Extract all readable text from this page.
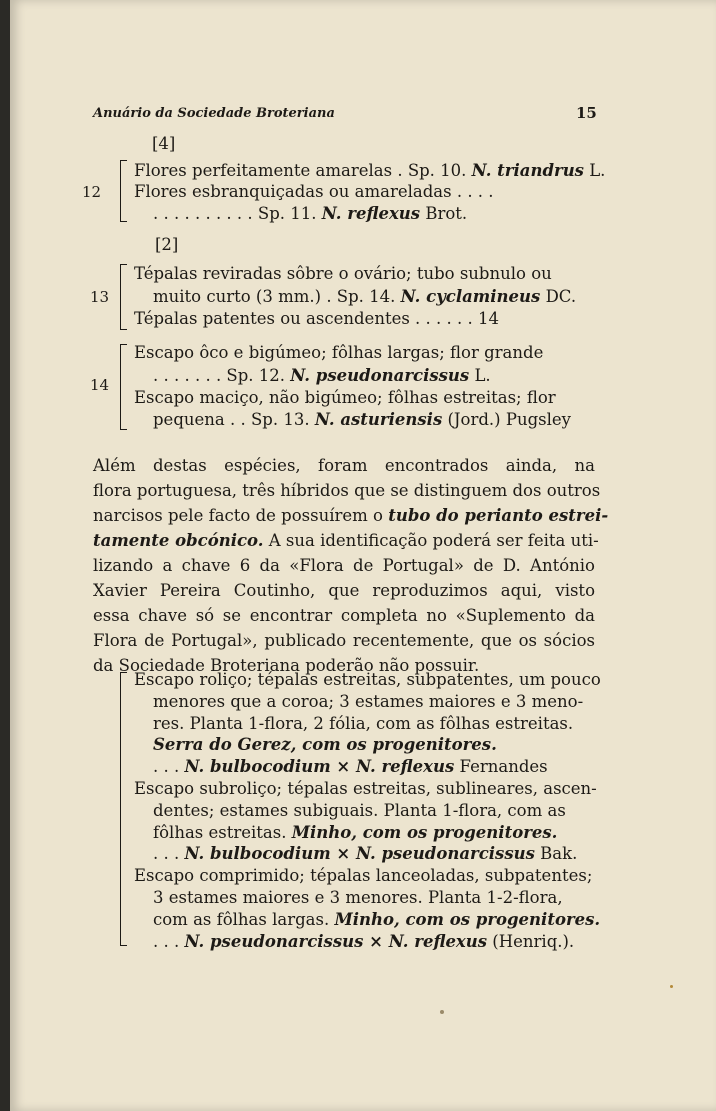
Anuário da Sociedade Broteriana	15
[4]
12
Flores perfeitamente amarelas . Sp. 10. N. triandrus L.
Flores esbranquiçadas ou amareladas . . . .
. . . . . . . . . . Sp. 11. N. reflexus Brot.
[2]
13
Tépalas reviradas sôbre o ovário; tubo subnulo ou
muito curto (3 mm.) . Sp. 14. N. cyclamineus DC.
Tépalas patentes ou ascendentes . . . . . . 14
14
Escapo ôco e bigúmeo; fôlhas largas; flor grande
. . . . . . . Sp. 12. N. pseudonarcissus L.
Escapo maciço, não bigúmeo; fôlhas estreitas; flor
pequena . . Sp. 13. N. asturiensis (Jord.) Pugsley
Além destas espécies, foram encontrados ainda, na
flora portuguesa, três híbridos que se distinguem dos outros
narcisos pele facto de possuírem o tubo do perianto estrei-
tamente obcónico. A sua identificação poderá ser feita uti-
lizando a chave 6 da «Flora de Portugal» de D. António
Xavier Pereira Coutinho, que reproduzimos aqui, visto
essa chave só se encontrar completa no «Suplemento da
Flora de Portugal», publicado recentemente, que os sócios
da Sociedade Broteriana poderão não possuir.
Escapo roliço; tépalas estreitas, subpatentes, um pouco
menores que a coroa; 3 estames maiores e 3 meno-
res. Planta 1-flora, 2 fólia, com as fôlhas estreitas.
Serra do Gerez, com os progenitores.
. . . N. bulbocodium × N. reflexus Fernandes
Escapo subroliço; tépalas estreitas, sublineares, ascen-
dentes; estames subiguais. Planta 1-flora, com as
fôlhas estreitas. Minho, com os progenitores.
. . . N. bulbocodium × N. pseudonarcissus Bak.
Escapo comprimido; tépalas lanceoladas, subpatentes;
3 estames maiores e 3 menores. Planta 1-2-flora,
com as fôlhas largas. Minho, com os progenitores.
. . . N. pseudonarcissus × N. reflexus (Henriq.).
